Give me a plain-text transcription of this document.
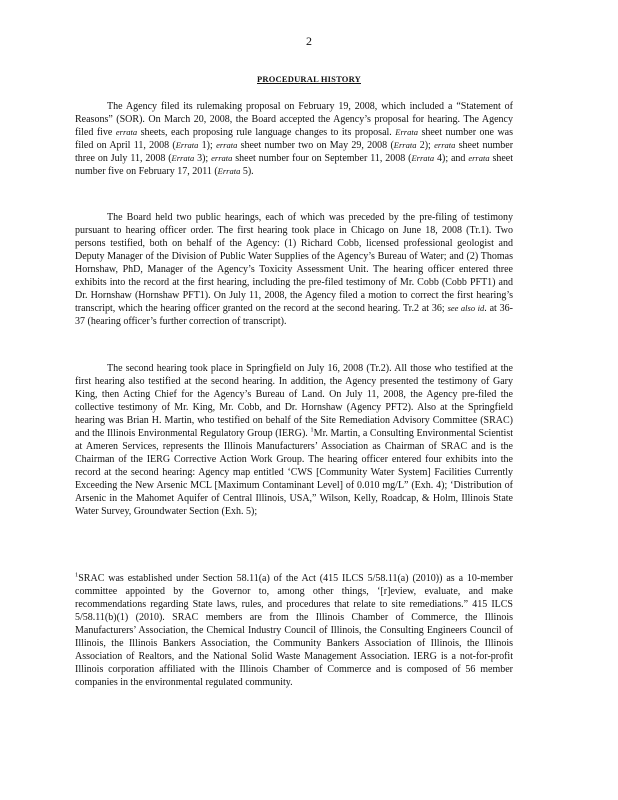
2
PROCEDURAL HISTORY

The Agency filed its rulemaking proposal on February 19, 2008, which included a “Statement of Reasons” (SOR). On March 20, 2008, the Board accepted the Agency’s proposal for hearing. The Agency filed five errata sheets, each proposing rule language changes to its proposal. Errata sheet number one was filed on April 11, 2008 (Errata 1); errata sheet number two on May 29, 2008 (Errata 2); errata sheet number three on July 11, 2008 (Errata 3); errata sheet number four on September 11, 2008 (Errata 4); and errata sheet number five on February 17, 2011 (Errata 5).

The Board held two public hearings, each of which was preceded by the pre-filing of testimony pursuant to hearing officer order. The first hearing took place in Chicago on June 18, 2008 (Tr.1). Two persons testified, both on behalf of the Agency: (1) Richard Cobb, licensed professional geologist and Deputy Manager of the Division of Public Water Supplies of the Agency’s Bureau of Water; and (2) Thomas Hornshaw, PhD, Manager of the Agency’s Toxicity Assessment Unit. The hearing officer entered three exhibits into the record at the first hearing, including the pre-filed testimony of Mr. Cobb (Cobb PFT1) and Dr. Hornshaw (Hornshaw PFT1). On July 11, 2008, the Agency filed a motion to correct the first hearing’s transcript, which the hearing officer granted on the record at the second hearing. Tr.2 at 36; see also id. at 36-37 (hearing officer’s further correction of transcript).

The second hearing took place in Springfield on July 16, 2008 (Tr.2). All those who testified at the first hearing also testified at the second hearing. In addition, the Agency presented the testimony of Gary King, then Acting Chief for the Agency’s Bureau of Land. On July 11, 2008, the Agency pre-filed the collective testimony of Mr. King, Mr. Cobb, and Dr. Hornshaw (Agency PFT2). Also at the Springfield hearing was Brian H. Martin, who testified on behalf of the Site Remediation Advisory Committee (SRAC) and the Illinois Environmental Regulatory Group (IERG). $^1$Mr. Martin, a Consulting Environmental Scientist at Ameren Services, represents the Illinois Manufacturers’ Association as Chairman of SRAC and is the Chairman of the IERG Corrective Action Work Group. The hearing officer entered four exhibits into the record at the second hearing: Agency map entitled ‘CWS [Community Water System] Facilities Currently Exceeding the New Arsenic MCL [Maximum Contaminant Level] of 0.010 mg/L” (Exh. 4); ‘Distribution of Arsenic in the Mahomet Aquifer of Central Illinois, USA,” Wilson, Kelly, Roadcap, & Holm, Illinois State Water Survey, Groundwater Section (Exh. 5);

$^1$SRAC was established under Section 58.11(a) of the Act (415 ILCS 5/58.11(a) (2010)) as a 10-member committee appointed by the Governor to, among other things, ‘[r]eview, evaluate, and make recommendations regarding State laws, rules, and procedures that relate to site remediations.” 415 ILCS 5/58.11(b)(1) (2010). SRAC members are from the Illinois Chamber of Commerce, the Illinois Manufacturers’ Association, the Chemical Industry Council of Illinois, the Consulting Engineers Council of Illinois, the Illinois Bankers Association, the Community Bankers Association of Illinois, the Illinois Association of Realtors, and the National Solid Waste Management Association. IERG is a not-for-profit Illinois corporation affiliated with the Illinois Chamber of Commerce and is composed of 56 member companies in the environmental regulated community.
